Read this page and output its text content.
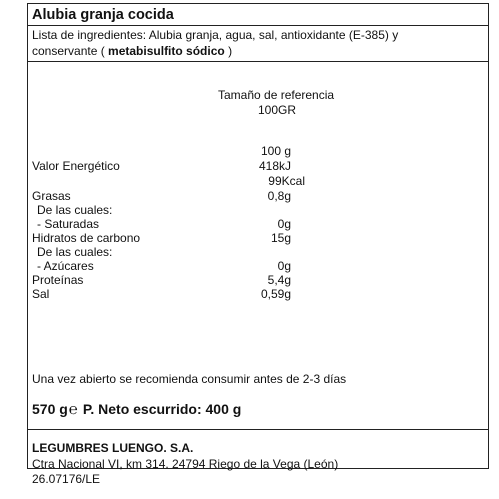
Alubia granja cocida
Lista de ingredientes: Alubia granja, agua, sal, antioxidante (E-385) y
conservante ( metabisulfito sódico )
Tamaño de referencia
100GR
100 g
Valor Energético	418kJ
99Kcal
Grasas	0,8g
De las cuales:
- Saturadas	0g
Hidratos de carbono	15g
De las cuales:
- Azúcares	0g
Proteínas	5,4g
Sal	0,59g
Una vez abierto se recomienda consumir antes de 2-3 días
570 g℮ P. Neto escurrido: 400 g
LEGUMBRES LUENGO. S.A.
Ctra Nacional VI, km 314. 24794 Riego de la Vega (León)
26.07176/LE
